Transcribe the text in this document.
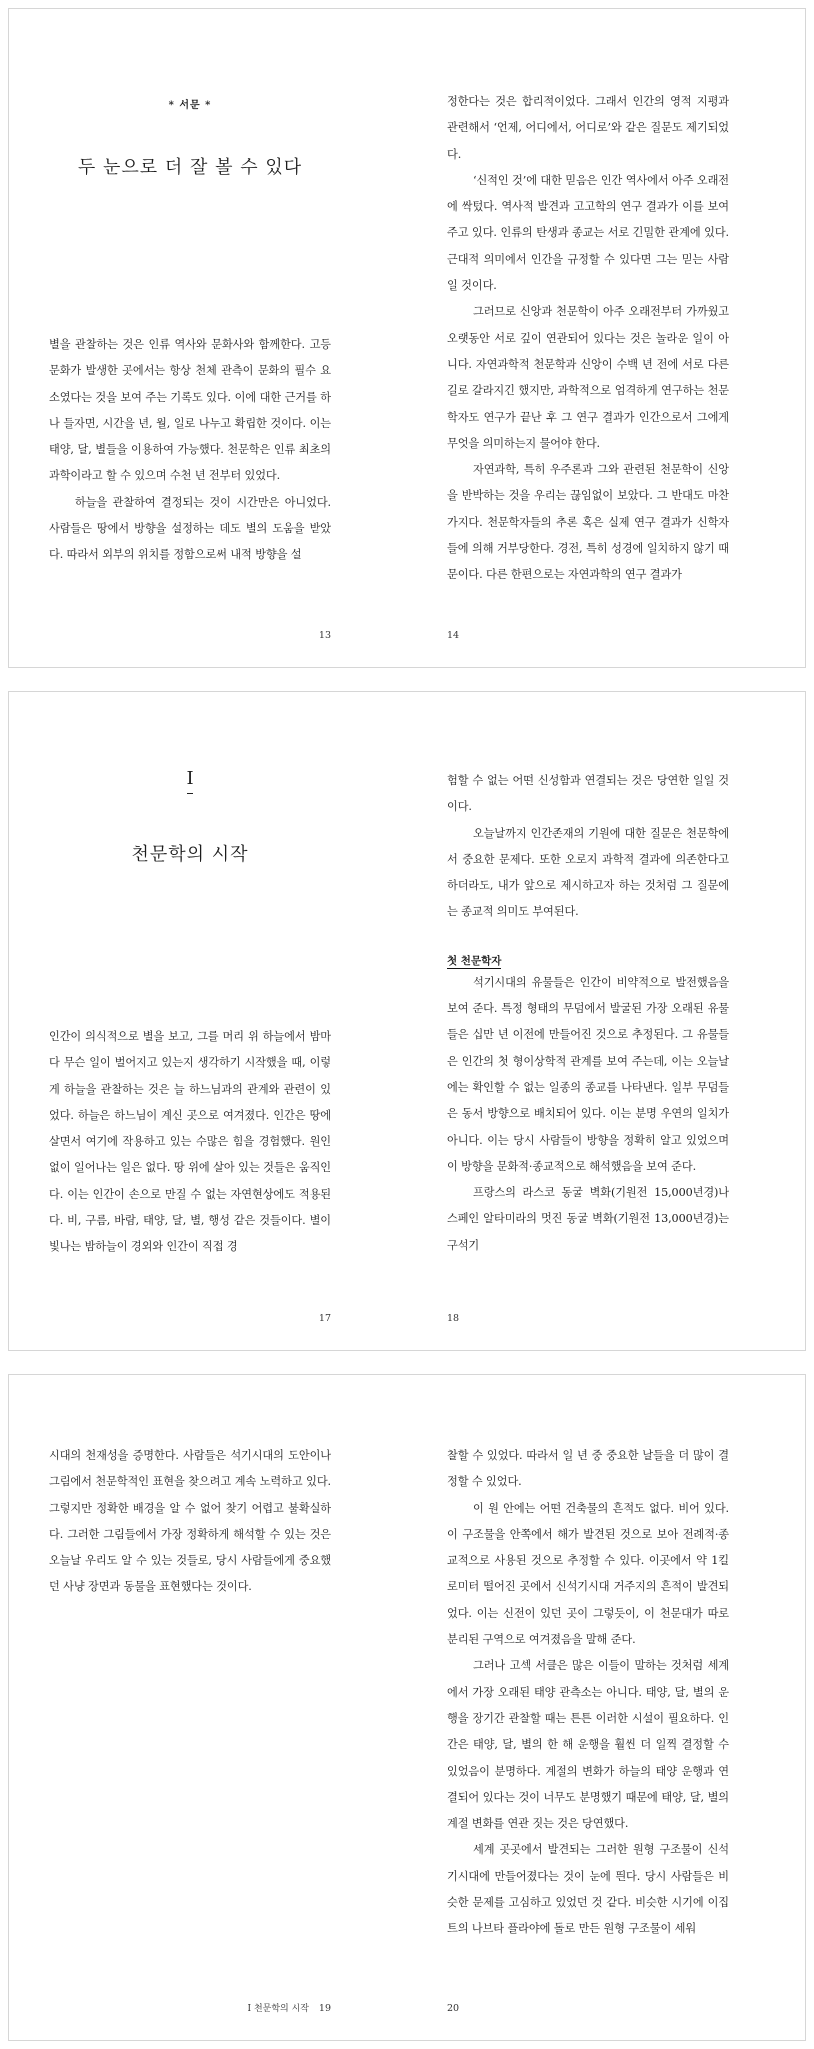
* 서문 *
두 눈으로 더 잘 볼 수 있다

별을 관찰하는 것은 인류 역사와 문화사와 함께한다. 고등 문화가 발생한 곳에서는 항상 천체 관측이 문화의 필수 요소였다는 것을 보여 주는 기록도 있다. 이에 대한 근거를 하나 들자면, 시간을 년, 월, 일로 나누고 확립한 것이다. 이는 태양, 달, 별들을 이용하여 가능했다. 천문학은 인류 최초의 과학이라고 할 수 있으며 수천 년 전부터 있었다.

하늘을 관찰하여 결정되는 것이 시간만은 아니었다. 사람들은 땅에서 방향을 설정하는 데도 별의 도움을 받았다. 따라서 외부의 위치를 정함으로써 내적 방향을 설

13

정한다는 것은 합리적이었다. 그래서 인간의 영적 지평과 관련해서 ‘언제, 어디에서, 어디로’와 같은 질문도 제기되었다.

‘신적인 것’에 대한 믿음은 인간 역사에서 아주 오래전에 싹텄다. 역사적 발견과 고고학의 연구 결과가 이를 보여 주고 있다. 인류의 탄생과 종교는 서로 긴밀한 관계에 있다. 근대적 의미에서 인간을 규정할 수 있다면 그는 믿는 사람일 것이다.

그러므로 신앙과 천문학이 아주 오래전부터 가까웠고 오랫동안 서로 깊이 연관되어 있다는 것은 놀라운 일이 아니다. 자연과학적 천문학과 신앙이 수백 년 전에 서로 다른 길로 갈라지긴 했지만, 과학적으로 엄격하게 연구하는 천문학자도 연구가 끝난 후 그 연구 결과가 인간으로서 그에게 무엇을 의미하는지 물어야 한다.

자연과학, 특히 우주론과 그와 관련된 천문학이 신앙을 반박하는 것을 우리는 끊임없이 보았다. 그 반대도 마찬가지다. 천문학자들의 추론 혹은 실제 연구 결과가 신학자들에 의해 거부당한다. 경전, 특히 성경에 일치하지 않기 때문이다. 다른 한편으로는 자연과학의 연구 결과가

14
I
천문학의 시작

인간이 의식적으로 별을 보고, 그를 머리 위 하늘에서 밤마다 무슨 일이 벌어지고 있는지 생각하기 시작했을 때, 이렇게 하늘을 관찰하는 것은 늘 하느님과의 관계와 관련이 있었다. 하늘은 하느님이 계신 곳으로 여겨졌다. 인간은 땅에 살면서 여기에 작용하고 있는 수많은 힘을 경험했다. 원인 없이 일어나는 일은 없다. 땅 위에 살아 있는 것들은 움직인다. 이는 인간이 손으로 만질 수 없는 자연현상에도 적용된다. 비, 구름, 바람, 태양, 달, 별, 행성 같은 것들이다. 별이 빛나는 밤하늘이 경외와 인간이 직접 경

17

험할 수 없는 어떤 신성함과 연결되는 것은 당연한 일일 것이다.

오늘날까지 인간존재의 기원에 대한 질문은 천문학에서 중요한 문제다. 또한 오로지 과학적 결과에 의존한다고 하더라도, 내가 앞으로 제시하고자 하는 것처럼 그 질문에는 종교적 의미도 부여된다.

첫 천문학자

석기시대의 유물들은 인간이 비약적으로 발전했음을 보여 준다. 특정 형태의 무덤에서 발굴된 가장 오래된 유물들은 십만 년 이전에 만들어진 것으로 추정된다. 그 유물들은 인간의 첫 형이상학적 관계를 보여 주는데, 이는 오늘날에는 확인할 수 없는 일종의 종교를 나타낸다. 일부 무덤들은 동서 방향으로 배치되어 있다. 이는 분명 우연의 일치가 아니다. 이는 당시 사람들이 방향을 정확히 알고 있었으며 이 방향을 문화적·종교적으로 해석했음을 보여 준다.

프랑스의 라스코 동굴 벽화(기원전 15,000년경)나 스페인 알타미라의 멋진 동굴 벽화(기원전 13,000년경)는 구석기

18

시대의 천재성을 증명한다. 사람들은 석기시대의 도안이나 그림에서 천문학적인 표현을 찾으려고 계속 노력하고 있다. 그렇지만 정확한 배경을 알 수 없어 찾기 어렵고 불확실하다. 그러한 그림들에서 가장 정확하게 해석할 수 있는 것은 오늘날 우리도 알 수 있는 것들로, 당시 사람들에게 중요했던 사냥 장면과 동물을 표현했다는 것이다.

I 천문학의 시작 19

찰할 수 있었다. 따라서 일 년 중 중요한 날들을 더 많이 결정할 수 있었다.

이 원 안에는 어떤 건축물의 흔적도 없다. 비어 있다. 이 구조물을 안쪽에서 해가 발견된 것으로 보아 전례적·종교적으로 사용된 것으로 추정할 수 있다. 이곳에서 약 1킬로미터 떨어진 곳에서 신석기시대 거주지의 흔적이 발견되었다. 이는 신전이 있던 곳이 그렇듯이, 이 천문대가 따로 분리된 구역으로 여겨졌음을 말해 준다.

그러나 고섹 서클은 많은 이들이 말하는 것처럼 세계에서 가장 오래된 태양 관측소는 아니다. 태양, 달, 별의 운행을 장기간 관찰할 때는 튼튼 이러한 시설이 필요하다. 인간은 태양, 달, 별의 한 해 운행을 훨씬 더 일찍 결정할 수 있었음이 분명하다. 계절의 변화가 하늘의 태양 운행과 연결되어 있다는 것이 너무도 분명했기 때문에 태양, 달, 별의 계절 변화를 연관 짓는 것은 당연했다.

세계 곳곳에서 발견되는 그러한 원형 구조물이 신석기시대에 만들어졌다는 것이 눈에 띈다. 당시 사람들은 비슷한 문제를 고심하고 있었던 것 같다. 비슷한 시기에 이집트의 나브타 플라야에 돌로 만든 원형 구조물이 세워

20
